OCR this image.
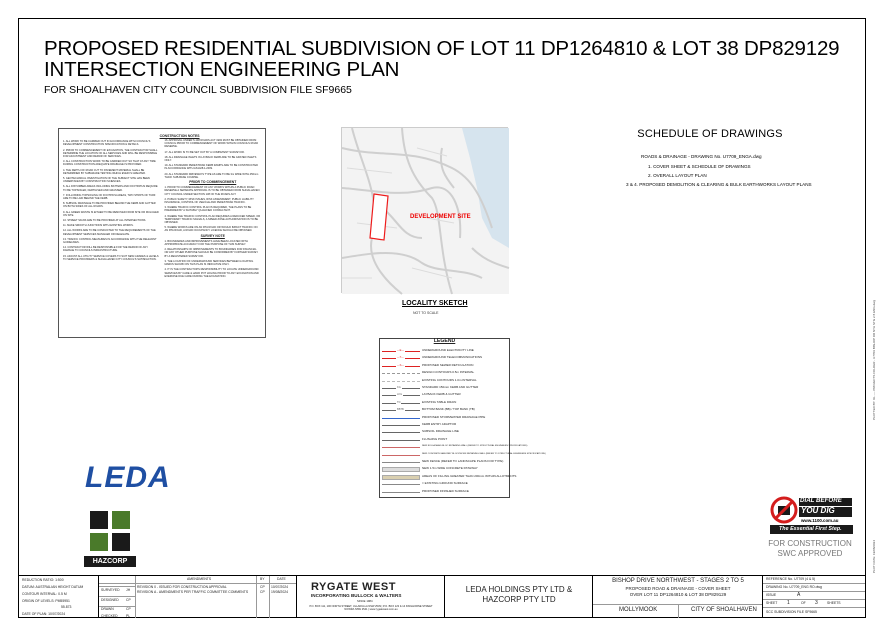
PROPOSED RESIDENTIAL SUBDIVISION OF LOT 11 DP1264810 & LOT 38 DP829129
INTERSECTION ENGINEERING PLAN
FOR SHOALHAVEN CITY COUNCIL SUBDIVISION FILE SF9665
CONSTRUCTION NOTES

1. ALL WORK TO BE CARRIED OUT IN ACCORDANCE WITH COUNCIL'S DEVELOPMENT CONSTRUCTION SPECIFICATION & DETAILS.

2. PRIOR TO COMMENCEMENT OF EXCAVATION, THE CONTRACTOR SHALL DETERMINE THE LOCATION OF ALL SERVICES AND WILL BE RESPONSIBLE FOR ADJUSTMENT AND REPAIR OF SERVICES.

3. ALL CONSTRUCTION WORK TO BE CARRIED OUT SO THAT AT ANY TIME DURING CONSTRUCTION ADEQUATE DRAINAGE IS PROVIDED.

4. THE DEPTH OF ROAD CUT TO PAVEMENT MATERIAL SHALL BE DETERMINED BY SUBGRADE TESTING WHICH EVER IS GREATER.

5. GEOTECHNICAL INVESTIGATION OF THE SUBJECT SITE HAS BEEN UNDERTAKEN BY CONSTRUCTION SCIENCES.

6. ALL DISTURBED AREAS INCLUDING BATTERS AND FOOTPATHS REQUIRE TO BE TOPSOILED, FERTILISED AND GRASSED.

7. FOLLOWING TOPSOILING OF FOOTPATH AREAS, TWO STRIPS OF TURF ARE TO BE LAID BEHIND THE KERB.

8. SUBSOIL DRAINAGE TO BE PROVIDED BEHIND THE KERB AND GUTTER ON BOTH SIDES OF ALL ROADS.

9. ALL GREEN WASTE IS EITHER TO BE REMOVED FROM SITE OR MULCHED ON SITE.

10. STREET SIGNS ARE TO BE PROVIDED AT ALL INTERSECTIONS.

11. MAKE SMOOTH JUNCTIONS WITH EXISTING WORKS.

12. ALL WORKS ARE TO BE CONDUCTED TO THE REQUIREMENTS OF THE DEVELOPMENT SERVICES MANAGER OR DELEGATE.

13. TRAFFIC CONTROL MEASURES IN ACCORDANCE WITH THE RELEVANT GUIDELINES.

14. CONTRACTOR WILL BE RESPONSIBLE FOR THE REPAIR OF ANY DAMAGE TO COUNCILS INFRASTRUCTURE.

15. ADJUST ALL UTILITY SERVICE COVERS TO SUIT NEW GRADES & LEVELS TO SERVICE PROVIDERS & SHOALHAVEN CITY COUNCIL'S SATISFACTION.

16. APPROVAL UNDER S.138 ROADS ACT 1993 MUST BE OBTAINED FROM COUNCIL PRIOR TO COMMENCEMENT OF WORK WITHIN COUNCILS ROAD RESERVE.

17. ALL WORK IS TO BE SET OUT BY A COMPETENT SURVEYOR.

18. ALL DRAINAGE INLETS IN LAYBACK KERB ARE TO BE GRATED INLETS ONLY.

19. ALL STANDARD PEDESTRIAN KERB RAMPS ARE TO BE CONSTRUCTED IN ACCORDANCE WITH AS1428.1-2009.

20. ALL STANDARD DRIVEWAYS TYPE AS ARE TO BE 3m WIDE WITH 450mm THICK SUB-BASE COURSE.

PRIOR TO COMMENCEMENT

1. PRIOR TO COMMENCEMENT OF ANY WORKS WITHIN A PUBLIC ROAD RESERVE A SEPARATE APPROVAL IS TO BE OBTAINED FROM SHOALHAVEN CITY COUNCIL UNDER SECTION 138 OF THE ROADS ACT.

2. PUBLIC SAFETY, RISK ISSUES, RISK ASSESSMENT, PUBLIC LIABILITY INSURANCE, CONTROL OF VEHICLE AND PEDESTRIAN TRAFFIC.

3. WHERE TRAFFIC CONTROL PLAN IS REQUIRED, THE PLANS TO BE PREPARED BY A SUITABLY QUALIFIED CONSULTANT.

4. WHERE THE TRAFFIC CONTROL PLAN REQUIRES A REDUCED SPEED, OR TEMPORARY TRAFFIC SIGNALS, A SPEED ZONE AUTHORISATION IS TO BE OBTAINED.

5. WHERE WORKS ARE ON AN RTA ROAD OR WOULD IMPACT TRAFFIC ON AN RTA ROAD, A ROAD OCCUPANCY LICENCE SHOULD BE OBTAINED.

SURVEY NOTE

1. BOUNDARIES AND IMPROVEMENTS HAVE BEEN LOCATED WITH APPROPRIATE ACCURACY FOR THE PURPOSE OF THIS SURVEY.

2. RELATIONSHIPS OF IMPROVEMENTS TO BOUNDARIES FOR FINANCIAL OR ANY OTHER PURPOSE SHOULD BE CONFIRMED BY FURTHER SURVEY BY A REGISTERED SURVEYOR.

3. THE LOCATION OF UNDERGROUND SERVICES BETWEEN LOCATING MARKS SHOWN ON THIS PLAN IS INDICATIVE ONLY.

4. IT IS THE CONTRACTOR'S RESPONSIBILITY TO LOCATE UNDERGROUND SERVICES BY CARE & HAND POT HOLING PRIOR TO ANY EXCAVATION AND EXERCISE DUE CARE DURING THE EXCAVATION.

DEVELOPMENT SITE
LOCALITY SKETCH
NOT TO SCALE
SCHEDULE OF DRAWINGS
ROADS & DRAINAGE - DRAWING No. U7709_ENGA.dwg
1. COVER SHEET & SCHEDULE OF DRAWINGS
2. OVERALL LAYOUT PLAN
3 & 4. PROPOSED DEMOLITION & CLEARING & BULK EARTHWORKS LAYOUT PLANS
LEGEND
—E—	UNDERGROUND ELECTRICITY LINE
—T—	UNDERGROUND TELECOMMUNICATIONS
—S—	PROPOSED SEWER RETICULATION
DESIGN CONTOURS 0.5m INTERVAL
EXISTING CONTOURS 1.0m INTERVAL
KG	STANDARD 150mm KERB AND GUTTER
LKG	LAYBACK KERB & GUTTER
TD	EXISTING TABLE DRAIN
BBTB	BOTTOM BANK (BB) / TOP BANK (TB)
PROPOSED STORMWATER DRAINAGE PIPE
KERB ENTRY ADAPTOR
SUBSOIL DRAINAGE LINE
FLUSHING POINT
NEW ROLLA MASS BLOC RETAINING WALL (REFER TO STRUCTURAL ENGINEERS SPECIFICATIONS)
NEW CONCRETE MASONRY BLOCKWORK RETAINING WALL (REFER TO STRUCTURAL ENGINEERS SPECIFICATIONS)
NEW FENCE (REFER TO LANDSCAPE PLANS FOR TYPE)
NEW 1.5m WIDE CONCRETE PATHWAY
AREAS OF FILLING GREATER THAN 200mm WITHIN ALLOTMENTS
= EXISTING GROUND SURFACE
PROPOSED FINISHED SURFACE
LEDA
HAZCORP
DIAL BEFORE
YOU DIG
www.1100.com.au
The Essential First Step.
FOR CONSTRUCTION
SWC APPROVED
PLOTTED BY: KL ---- PROJECTS FOLDER - U7709 BISHOP DR NTH STG 2-5 ENG.dwg
PLOT DATE: 19/08/2024
REDUCTION RATIO: 1:500
DATUM: AUSTRALIAN HEIGHT DATUM
CONTOUR INTERVAL: 0.5 M
ORIGIN OF LEVELS: PM55951
55.873
DATE OF PLAN: 10/07/2024
AMENDMENTS	BY	DATE
REVISION 0 - ISSUED FOR CONSTRUCTION APPROVAL	CP 10/07/2024
REVISION A - AMENDMENTS PER TRAFFIC COMMITTEE COMMENTS	CP 19/08/2024
SURVEYED JH
DESIGNED CP
DRAWN	CP
CHECKED PL
RYGATE WEST
INCORPORATING BULLOCK & WALTERS
SINCE 1984
P.O. BOX 111, 100 NORTH STREET, ULLADULLA NSW 2539 | P.O. BOX 123 & 14 KINGHORNE STREET NOWRA NSW 2541 | www.rygatewest.com.au
LEDA HOLDINGS PTY LTD &
HAZCORP PTY LTD
BISHOP DRIVE NORTHWEST - STAGES 2 TO 5
PROPOSED ROAD & DRAINAGE - COVER SHEET
OVER LOT 11 DP1264810 & LOT 38 DP829129
MOLLYMOOK	CITY OF SHOALHAVEN
REFERENCE No. U7709 (4 & 5)
DRAWING No. U7709_ENG RO.dwg
ISSUE	A
SHEET 1	OF 3	SHEETS
SCC SUBDIVISION FILE SF9665
